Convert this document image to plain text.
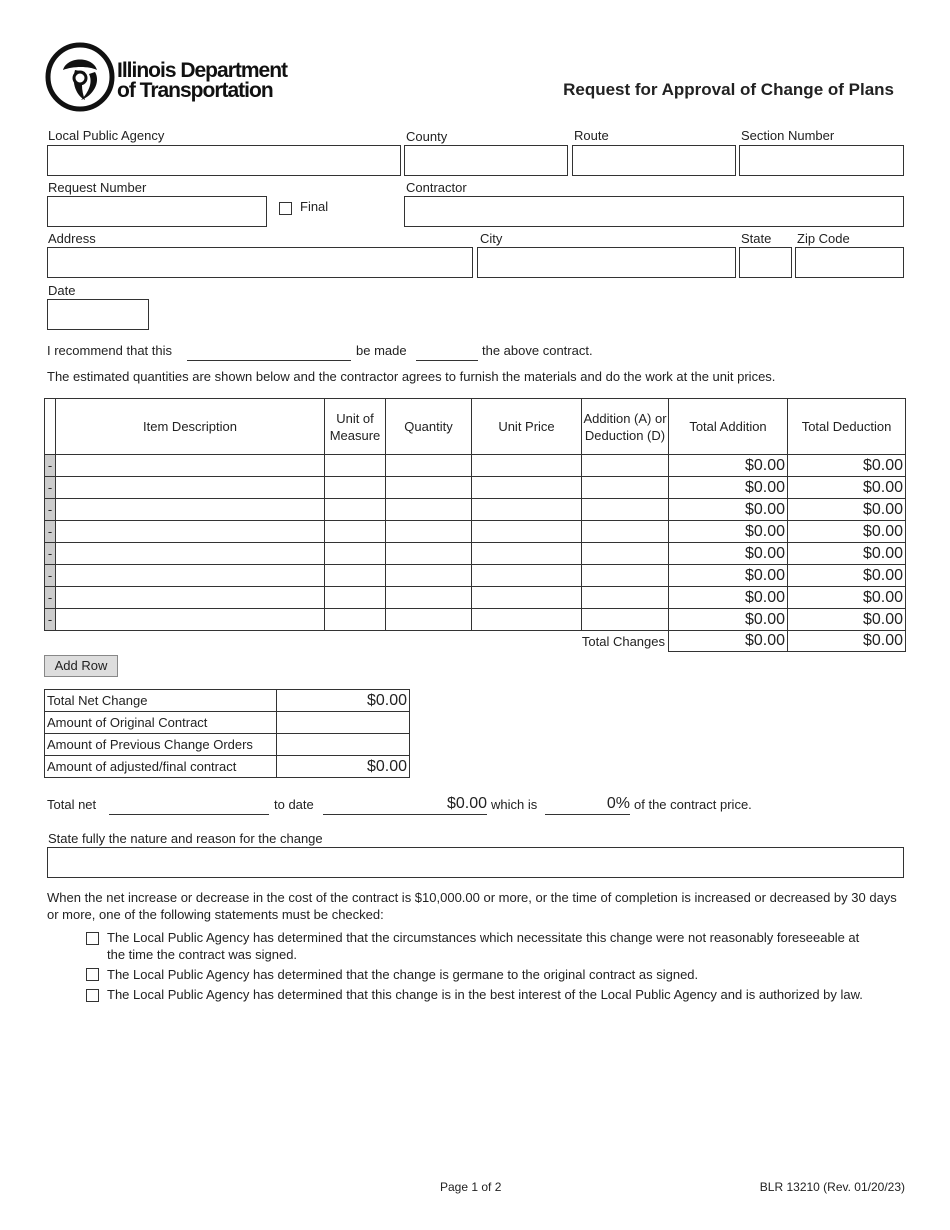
Illinois Department
of Transportation	Request for Approval of Change of Plans
Local Public Agency	County	Route	Section Number
Request Number
Final
Contractor
Address	City	State Zip Code
Date
I recommend that this	be made	the above contract.
The estimated quantities are shown below and the contractor agrees to furnish the materials and do the work at the unit prices.
	Item Description	Unit of Measure	Quantity	Unit Price	Addition (A) or Deduction (D)	Total Addition	Total Deduction
-						$0.00	$0.00
-						$0.00	$0.00
-						$0.00	$0.00
-						$0.00	$0.00
-						$0.00	$0.00
-						$0.00	$0.00
-						$0.00	$0.00
-						$0.00	$0.00
Total Changes						$0.00	$0.00
Add Row
Total Net Change	$0.00
Amount of Original Contract	
Amount of Previous Change Orders	
Amount of adjusted/final contract	$0.00
Total net	to date	$0.00 which is	0% of the contract price.
State fully the nature and reason for the change
When the net increase or decrease in the cost of the contract is $10,000.00 or more, or the time of completion is increased or decreased by 30 days or more, one of the following statements must be checked:
The Local Public Agency has determined that the circumstances which necessitate this change were not reasonably foreseeable at the time the contract was signed.
The Local Public Agency has determined that the change is germane to the original contract as signed.
The Local Public Agency has determined that this change is in the best interest of the Local Public Agency and is authorized by law.
Page 1 of 2	BLR 13210 (Rev. 01/20/23)
